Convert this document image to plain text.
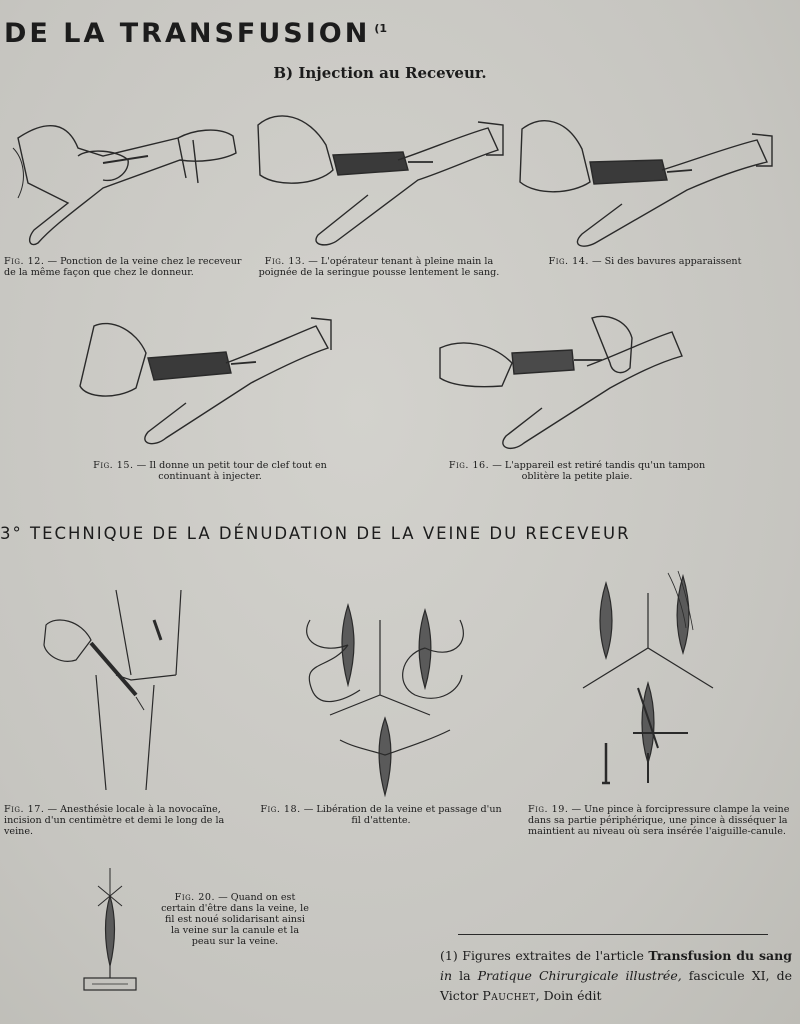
DE LA TRANSFUSION $^{(1}$
B) Injection au Receveur.
Fig. 12. — Ponction de la veine chez le receveur de la même façon que chez le donneur.
Fig. 13. — L'opérateur tenant à pleine main la poignée de la seringue pousse lentement le sang.
Fig. 14. — Si des bavures apparaissent
Fig. 15. — Il donne un petit tour de clef tout en continuant à injecter.
Fig. 16. — L'appareil est retiré tandis qu'un tampon oblitère la petite plaie.
3° TECHNIQUE DE LA DÉNUDATION DE LA VEINE DU RECEVEUR
Fig. 17. — Anesthésie locale à la novocaïne, incision d'un centimètre et demi le long de la veine.
Fig. 18. — Libération de la veine et passage d'un fil d'attente.
Fig. 19. — Une pince à forcipressure clampe la veine dans sa partie périphérique, une pince à disséquer la maintient au niveau où sera insérée l'aiguille-canule.
Fig. 20. — Quand on est certain d'être dans la veine, le fil est noué solidarisant ainsi la veine sur la canule et la peau sur la veine.
(1) Figures extraites de l'article Transfusion du sang in la Pratique Chirurgicale illustrée, fascicule XI, de Victor Pauchet, Doin édit
